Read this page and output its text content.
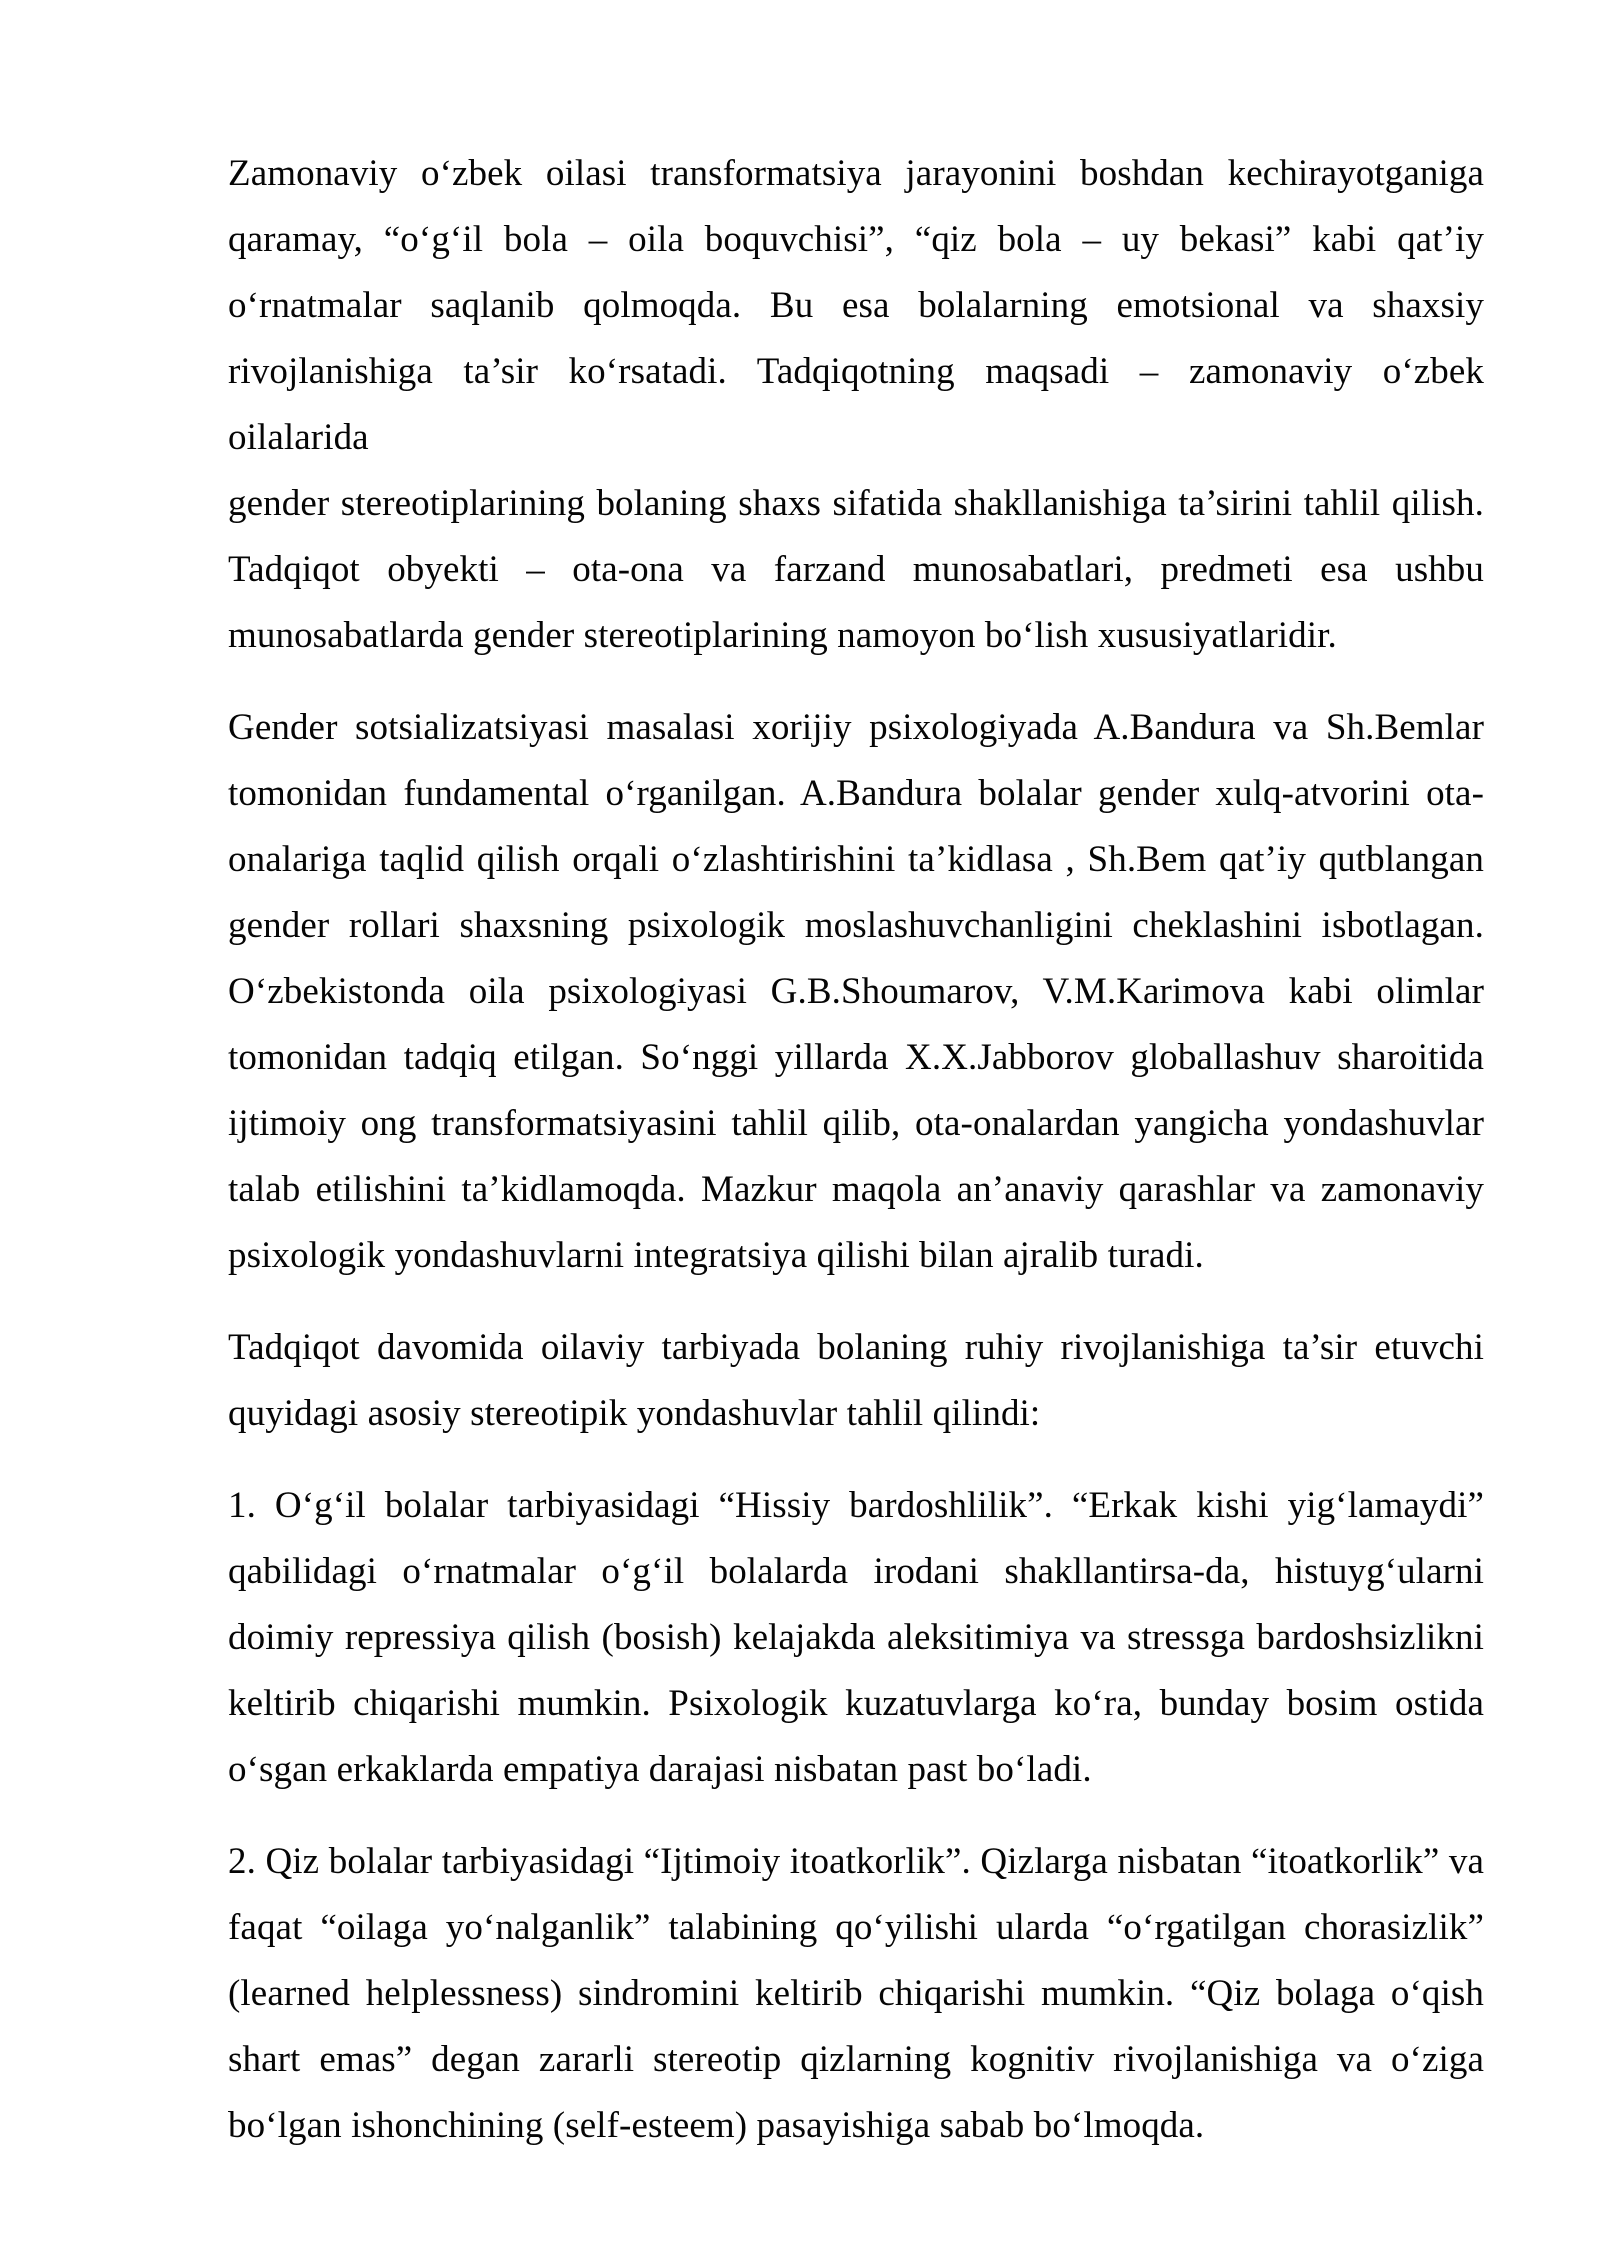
Zamonaviy o‘zbek oilasi transformatsiya jarayonini boshdan kechirayotganiga
qaramay, “o‘g‘il bola – oila boquvchisi”, “qiz bola – uy bekasi” kabi qat’iy
o‘rnatmalar saqlanib qolmoqda. Bu esa bolalarning emotsional va shaxsiy
rivojlanishiga ta’sir ko‘rsatadi. Tadqiqotning maqsadi – zamonaviy o‘zbek oilalarida
gender stereotiplarining bolaning shaxs sifatida shakllanishiga ta’sirini tahlil qilish.
Tadqiqot obyekti – ota-ona va farzand munosabatlari, predmeti esa ushbu
munosabatlarda gender stereotiplarining namoyon bo‘lish xususiyatlaridir.
Gender sotsializatsiyasi masalasi xorijiy psixologiyada A.Bandura va Sh.Bemlar
tomonidan fundamental o‘rganilgan. A.Bandura bolalar gender xulq-atvorini ota-
onalariga taqlid qilish orqali o‘zlashtirishini ta’kidlasa , Sh.Bem qat’iy qutblangan
gender rollari shaxsning psixologik moslashuvchanligini cheklashini isbotlagan.
O‘zbekistonda oila psixologiyasi G.B.Shoumarov, V.M.Karimova kabi olimlar
tomonidan tadqiq etilgan. So‘nggi yillarda X.X.Jabborov globallashuv sharoitida
ijtimoiy ong transformatsiyasini tahlil qilib, ota-onalardan yangicha yondashuvlar
talab etilishini ta’kidlamoqda. Mazkur maqola an’anaviy qarashlar va zamonaviy
psixologik yondashuvlarni integratsiya qilishi bilan ajralib turadi.
Tadqiqot davomida oilaviy tarbiyada bolaning ruhiy rivojlanishiga ta’sir etuvchi
quyidagi asosiy stereotipik yondashuvlar tahlil qilindi:
1. O‘g‘il bolalar tarbiyasidagi “Hissiy bardoshlilik”. “Erkak kishi yig‘lamaydi”
qabilidagi o‘rnatmalar o‘g‘il bolalarda irodani shakllantirsa-da, histuyg‘ularni
doimiy repressiya qilish (bosish) kelajakda aleksitimiya va stressga bardoshsizlikni
keltirib chiqarishi mumkin. Psixologik kuzatuvlarga ko‘ra, bunday bosim ostida
o‘sgan erkaklarda empatiya darajasi nisbatan past bo‘ladi.
2. Qiz bolalar tarbiyasidagi “Ijtimoiy itoatkorlik”. Qizlarga nisbatan “itoatkorlik” va
faqat “oilaga yo‘nalganlik” talabining qo‘yilishi ularda “o‘rgatilgan chorasizlik”
(learned helplessness) sindromini keltirib chiqarishi mumkin. “Qiz bolaga o‘qish
shart emas” degan zararli stereotip qizlarning kognitiv rivojlanishiga va o‘ziga
bo‘lgan ishonchining (self-esteem) pasayishiga sabab bo‘lmoqda.
